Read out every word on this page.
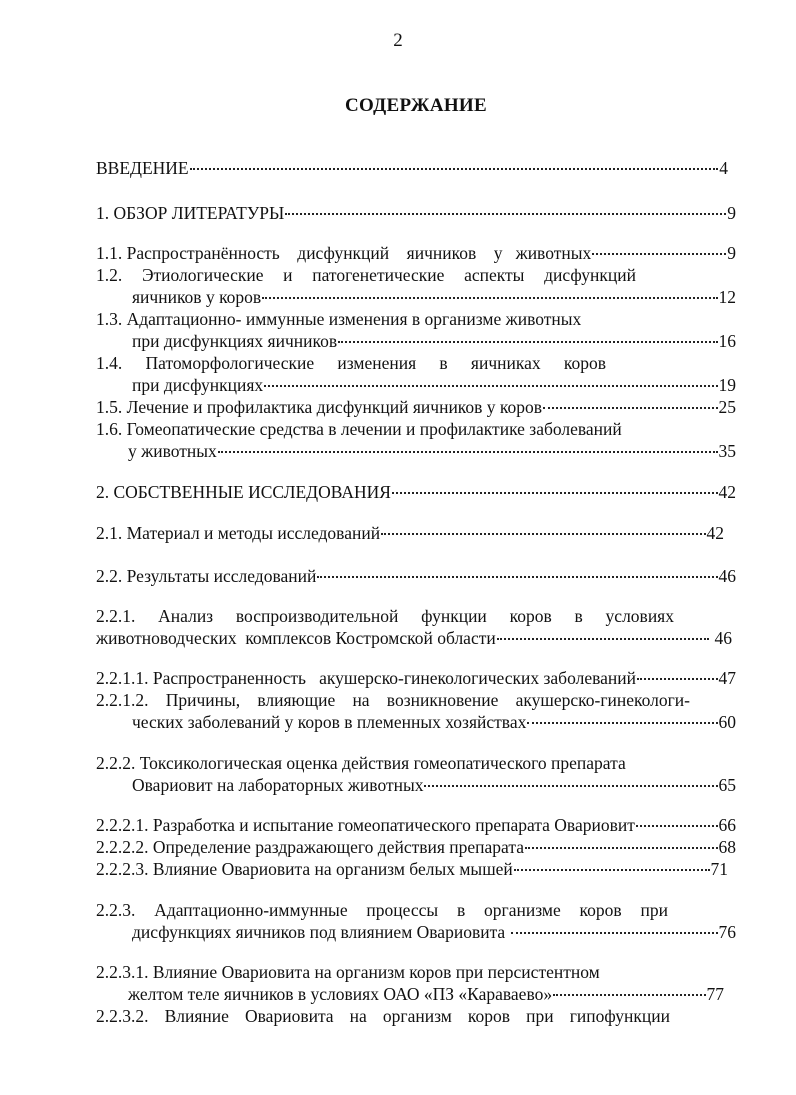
2
СОДЕРЖАНИЕ
ВВЕДЕНИЕ	4
1. ОБЗОР ЛИТЕРАТУРЫ	9
1.1. Распространённость    дисфункций    яичников    у   животных	9
1.2. Этиологические и патогенетические аспекты дисфункций
яичников у коров	12
1.3. Адаптационно- иммунные изменения в организме животных
при дисфункциях яичников	16
1.4. Патоморфологические изменения в яичниках коров
при дисфункциях	19
1.5. Лечение и профилактика дисфункций яичников у коров	25
1.6. Гомеопатические средства в лечении и профилактике заболеваний
у животных	35
2. СОБСТВЕННЫЕ ИССЛЕДОВАНИЯ	42
2.1. Материал и методы исследований	42
2.2. Результаты исследований	46
2.2.1. Анализ воспроизводительной функции коров в условиях
животноводческих  комплексов Костромской области	46
2.2.1.1. Распространенность   акушерско-гинекологических заболеваний	47
2.2.1.2. Причины, влияющие на возникновение акушерско-гинекологи-
ческих заболеваний у коров в племенных хозяйствах	60
2.2.2. Токсикологическая оценка действия гомеопатического препарата
Овариовит на лабораторных животных	65
2.2.2.1. Разработка и испытание гомеопатического препарата Овариовит	66
2.2.2.2. Определение раздражающего действия препарата	68
2.2.2.3. Влияние Овариовита на организм белых мышей	71
2.2.3. Адаптационно-иммунные процессы в организме коров при
дисфункциях яичников под влиянием Овариовита	76
2.2.3.1. Влияние Овариовита на организм коров при персистентном
желтом теле яичников в условиях ОАО «ПЗ «Караваево»	77
2.2.3.2. Влияние Овариовита на организм коров при гипофункции
